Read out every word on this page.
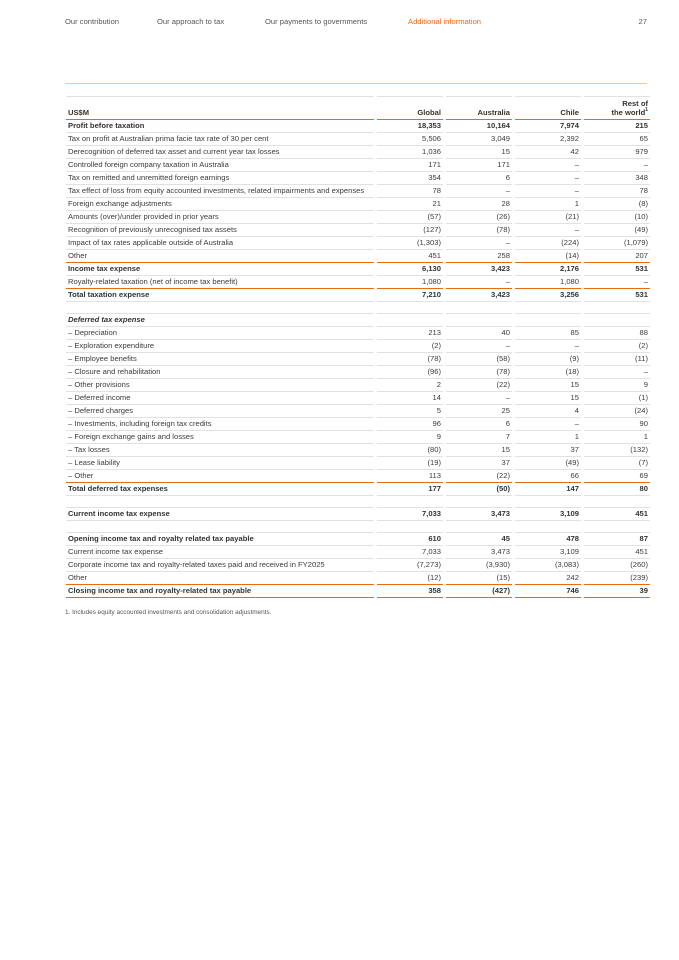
Our contribution	Our approach to tax	Our payments to governments	Additional information	27
US$M	Global	Australia	Chile	Rest of
the world$^1$
Profit before taxation	18,353	10,164	7,974	215
Tax on profit at Australian prima facie tax rate of 30 per cent	5,506	3,049	2,392	65
Derecognition of deferred tax asset and current year tax losses	1,036	15	42	979
Controlled foreign company taxation in Australia	171	171	–	–
Tax on remitted and unremitted foreign earnings	354	6	–	348
Tax effect of loss from equity accounted investments, related impairments and expenses	78	–	–	78
Foreign exchange adjustments	21	28	1	(8)
Amounts (over)/under provided in prior years	(57)	(26)	(21)	(10)
Recognition of previously unrecognised tax assets	(127)	(78)	–	(49)
Impact of tax rates applicable outside of Australia	(1,303)	–	(224)	(1,079)
Other	451	258	(14)	207
Income tax expense	6,130	3,423	2,176	531
Royalty-related taxation (net of income tax benefit)	1,080	–	1,080	–
Total taxation expense	7,210	3,423	3,256	531

Deferred tax expense				
– Depreciation	213	40	85	88
– Exploration expenditure	(2)	–	–	(2)
– Employee benefits	(78)	(58)	(9)	(11)
– Closure and rehabilitation	(96)	(78)	(18)	–
– Other provisions	2	(22)	15	9
– Deferred income	14	–	15	(1)
– Deferred charges	5	25	4	(24)
– Investments, including foreign tax credits	96	6	–	90
– Foreign exchange gains and losses	9	7	1	1
– Tax losses	(80)	15	37	(132)
– Lease liability	(19)	37	(49)	(7)
– Other	113	(22)	66	69
Total deferred tax expenses	177	(50)	147	80

Current income tax expense	7,033	3,473	3,109	451

Opening income tax and royalty related tax payable	610	45	478	87
Current income tax expense	7,033	3,473	3,109	451
Corporate income tax and royalty-related taxes paid and received in FY2025	(7,273)	(3,930)	(3,083)	(260)
Other	(12)	(15)	242	(239)
Closing income tax and royalty-related tax payable	358	(427)	746	39
1. Includes equity accounted investments and consolidation adjustments.
